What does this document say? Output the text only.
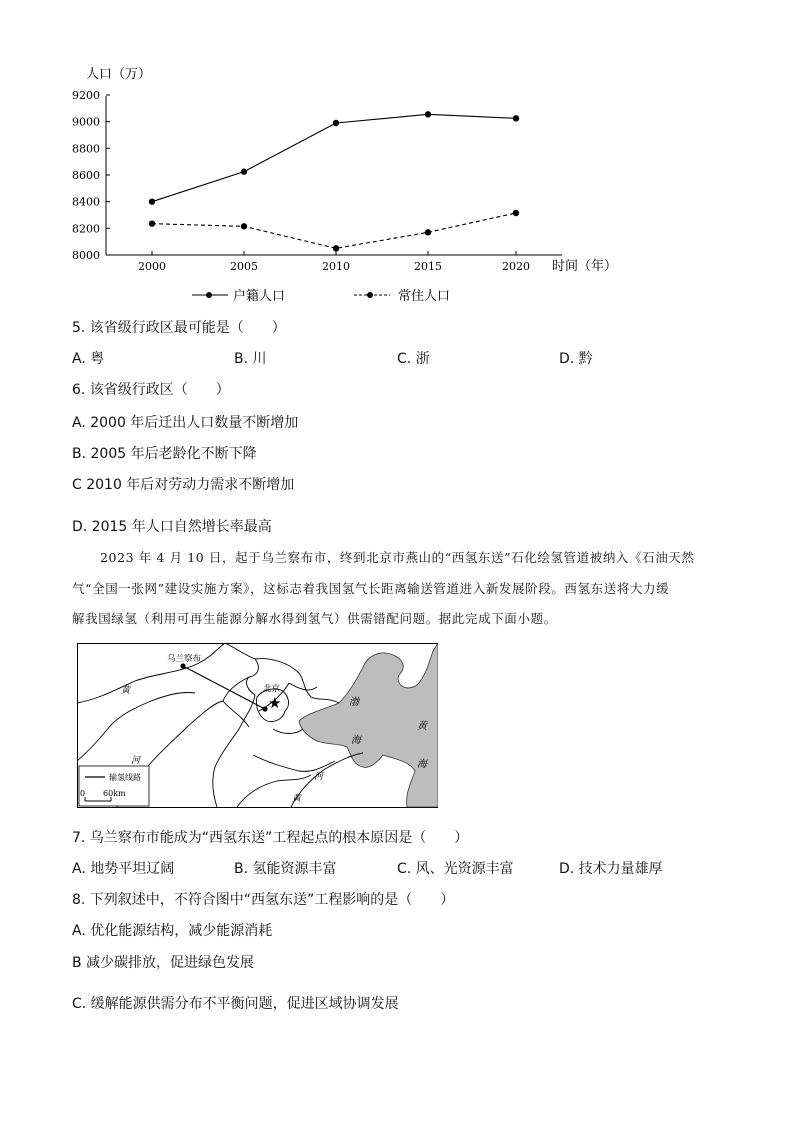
人口（万）
8000
8200
8400
8600
8800
9000
9200
2000	2005	2010	2015	2020 时间（年）
户籍人口	常住人口
5. 该省级行政区最可能是（　　）
A. 粤	B. 川	C. 浙	D. 黔
6. 该省级行政区（　　）
A. 2000 年后迁出人口数量不断增加
B. 2005 年后老龄化不断下降
C 2010 年后对劳动力需求不断增加
D. 2015 年人口自然增长率最高
2023 年 4 月 10 日，起于乌兰察布市，终到北京市燕山的“西氢东送”石化绘氢管道被纳入《石油天然
气“全国一张网”建设实施方案》，这标志着我国氢气长距离输送管道进入新发展阶段。西氢东送将大力缓
解我国绿氢（利用可再生能源分解水得到氢气）供需错配问题。据此完成下面小题。
★
乌兰察布
北京
渤
海
黄
海
黄
河
河
黄
输氢线路
0 60km
7. 乌兰察布市能成为“西氢东送”工程起点的根本原因是（　　）
A. 地势平坦辽阔	B. 氢能资源丰富	C. 风、光资源丰富	D. 技术力量雄厚
8. 下列叙述中，不符合图中“西氢东送”工程影响的是（　　）
A. 优化能源结构，减少能源消耗
B 减少碳排放，促进绿色发展
C. 缓解能源供需分布不平衡问题，促进区域协调发展
